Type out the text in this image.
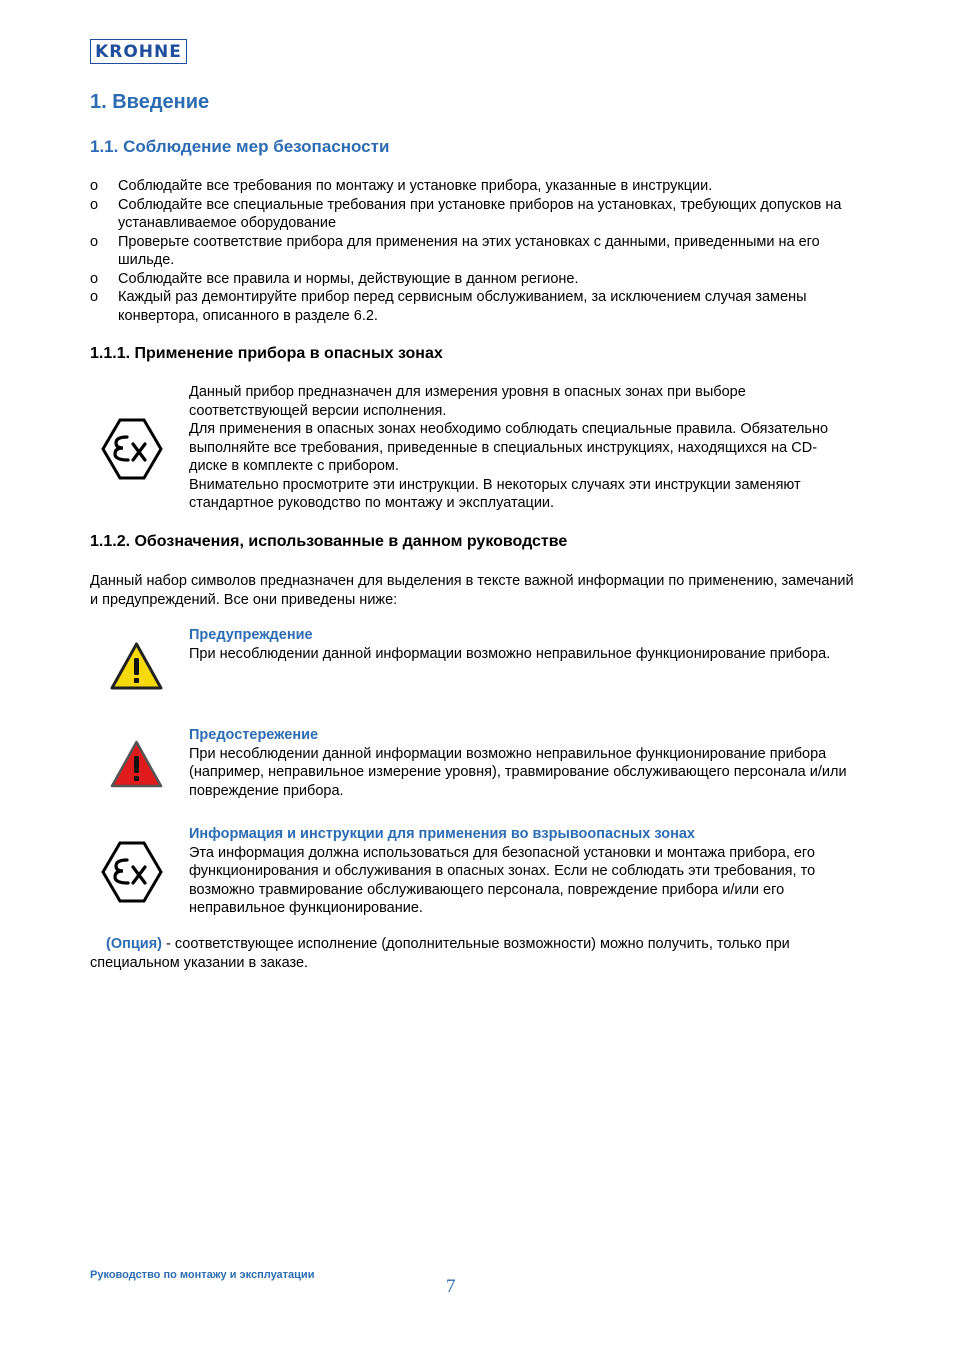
KROHNE
1. Введение
1.1. Соблюдение мер безопасности
o Соблюдайте все требования по монтажу и установке прибора, указанные в инструкции.
o Соблюдайте все специальные требования при установке приборов на установках, требующих допусков на устанавливаемое оборудование
o Проверьте соответствие прибора для применения на этих установках с данными, приведенными на его шильде.
o Соблюдайте все правила и нормы, действующие в данном регионе.
o Каждый раз демонтируйте прибор перед сервисным обслуживанием, за исключением случая замены конвертора, описанного в разделе 6.2.
1.1.1. Применение прибора в опасных зонах

Данный прибор предназначен для измерения уровня в опасных зонах при выборе соответствующей версии исполнения.

Для применения в опасных зонах необходимо соблюдать специальные правила. Обязательно выполняйте все требования, приведенные в специальных инструкциях, находящихся на CD-диске в комплекте с прибором.

Внимательно просмотрите эти инструкции. В некоторых случаях эти инструкции заменяют стандартное руководство по монтажу и эксплуатации.

1.1.2. Обозначения, использованные в данном руководстве
Данный набор символов предназначен для выделения в тексте важной информации по применению, замечаний и предупреждений. Все они приведены ниже:
Предупреждение

При несоблюдении данной информации возможно неправильное функционирование прибора.

Предостережение

При несоблюдении данной информации возможно неправильное функционирование прибора (например, неправильное измерение уровня), травмирование обслуживающего персонала и/или повреждение прибора.

Информация и инструкции для применения во взрывоопасных зонах

Эта информация должна использоваться для безопасной установки и монтажа прибора, его функционирования и обслуживания в опасных зонах. Если не соблюдать эти требования, то возможно травмирование обслуживающего персонала, повреждение прибора и/или его неправильное функционирование.

(Опция) - соответствующее исполнение (дополнительные возможности) можно получить, только при специальном указании в заказе.
Руководство по монтажу и эксплуатации
7
